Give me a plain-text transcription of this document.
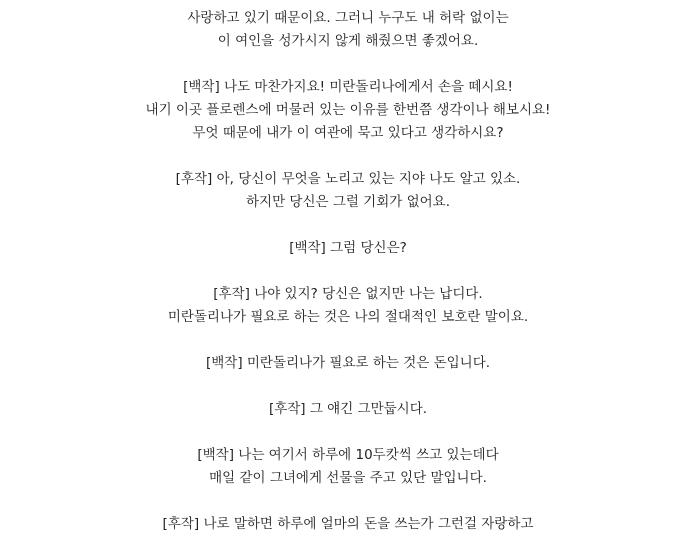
사랑하고 있기 때문이요. 그러니 누구도 내 허락 없이는
이 여인을 성가시지 않게 해줬으면 좋겠어요.
[백작] 나도 마찬가지요! 미란돌리나에게서 손을 떼시요!
내기 이곳 플로렌스에 머물러 있는 이유를 한번쯤 생각이나 해보시요!
무엇 때문에 내가 이 여관에 묵고 있다고 생각하시요?
[후작] 아, 당신이 무엇을 노리고 있는 지야 나도 알고 있소.
하지만 당신은 그럴 기회가 없어요.
[백작] 그럼 당신은?
[후작] 나야 있지? 당신은 없지만 나는 납디다.
미란돌리나가 필요로 하는 것은 나의 절대적인 보호란 말이요.
[백작] 미란돌리나가 필요로 하는 것은 돈입니다.
[후작] 그 얘긴 그만둡시다.
[백작] 나는 여기서 하루에 10두캇씩 쓰고 있는데다
매일 같이 그녀에게 선물을 주고 있단 말입니다.
[후작] 나로 말하면 하루에 얼마의 돈을 쓰는가 그런걸 자랑하고
